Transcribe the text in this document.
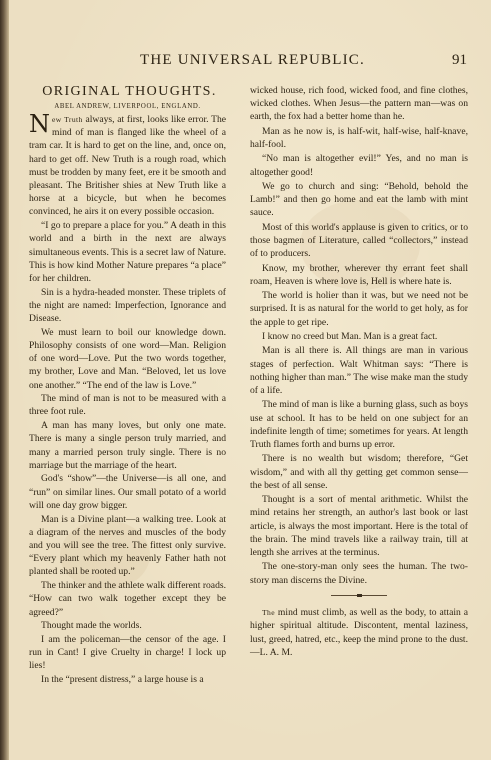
THE UNIVERSAL REPUBLIC.	91
ORIGINAL THOUGHTS.
ABEL ANDREW, LIVERPOOL, ENGLAND.

New Truth always, at first, looks like error. The mind of man is flanged like the wheel of a tram car. It is hard to get on the line, and, once on, hard to get off. New Truth is a rough road, which must be trodden by many feet, ere it be smooth and pleasant. The Britisher shies at New Truth like a horse at a bicycle, but when he becomes convinced, he airs it on every possible occasion.

“I go to prepare a place for you.” A death in this world and a birth in the next are always simultaneous events. This is a secret law of Nature. This is how kind Mother Nature prepares “a place” for her children.

Sin is a hydra-headed monster. These triplets of the night are named: Imperfection, Ignorance and Disease.

We must learn to boil our knowledge down. Philosophy consists of one word—Man. Religion of one word—Love. Put the two words together, my brother, Love and Man. “Beloved, let us love one another.” “The end of the law is Love.”

The mind of man is not to be measured with a three foot rule.

A man has many loves, but only one mate. There is many a single person truly married, and many a married person truly single. There is no marriage but the marriage of the heart.

God's “show”—the Universe—is all one, and “run” on similar lines. Our small potato of a world will one day grow bigger.

Man is a Divine plant—a walking tree. Look at a diagram of the nerves and muscles of the body and you will see the tree. The fittest only survive. “Every plant which my heavenly Father hath not planted shall be rooted up.”

The thinker and the athlete walk different roads. “How can two walk together except they be agreed?”

Thought made the worlds.

I am the policeman—the censor of the age. I run in Cant! I give Cruelty in charge! I lock up lies!

In the “present distress,” a large house is a

wicked house, rich food, wicked food, and fine clothes, wicked clothes. When Jesus—the pattern man—was on earth, the fox had a better home than he.

Man as he now is, is half-wit, half-wise, half-knave, half-fool.

“No man is altogether evil!” Yes, and no man is altogether good!

We go to church and sing: “Behold, behold the Lamb!” and then go home and eat the lamb with mint sauce.

Most of this world's applause is given to critics, or to those bagmen of Literature, called “collectors,” instead of to producers.

Know, my brother, wherever thy errant feet shall roam, Heaven is where love is, Hell is where hate is.

The world is holier than it was, but we need not be surprised. It is as natural for the world to get holy, as for the apple to get ripe.

I know no creed but Man. Man is a great fact.

Man is all there is. All things are man in various stages of perfection. Walt Whitman says: “There is nothing higher than man.” The wise make man the study of a life.

The mind of man is like a burning glass, such as boys use at school. It has to be held on one subject for an indefinite length of time; sometimes for years. At length Truth flames forth and burns up error.

There is no wealth but wisdom; therefore, “Get wisdom,” and with all thy getting get common sense—the best of all sense.

Thought is a sort of mental arithmetic. Whilst the mind retains her strength, an author's last book or last article, is always the most important. Here is the total of the brain. The mind travels like a railway train, till at length she arrives at the terminus.

The one-story-man only sees the human. The two-story man discerns the Divine.

The mind must climb, as well as the body, to attain a higher spiritual altitude. Discontent, mental laziness, lust, greed, hatred, etc., keep the mind prone to the dust.—L. A. M.
